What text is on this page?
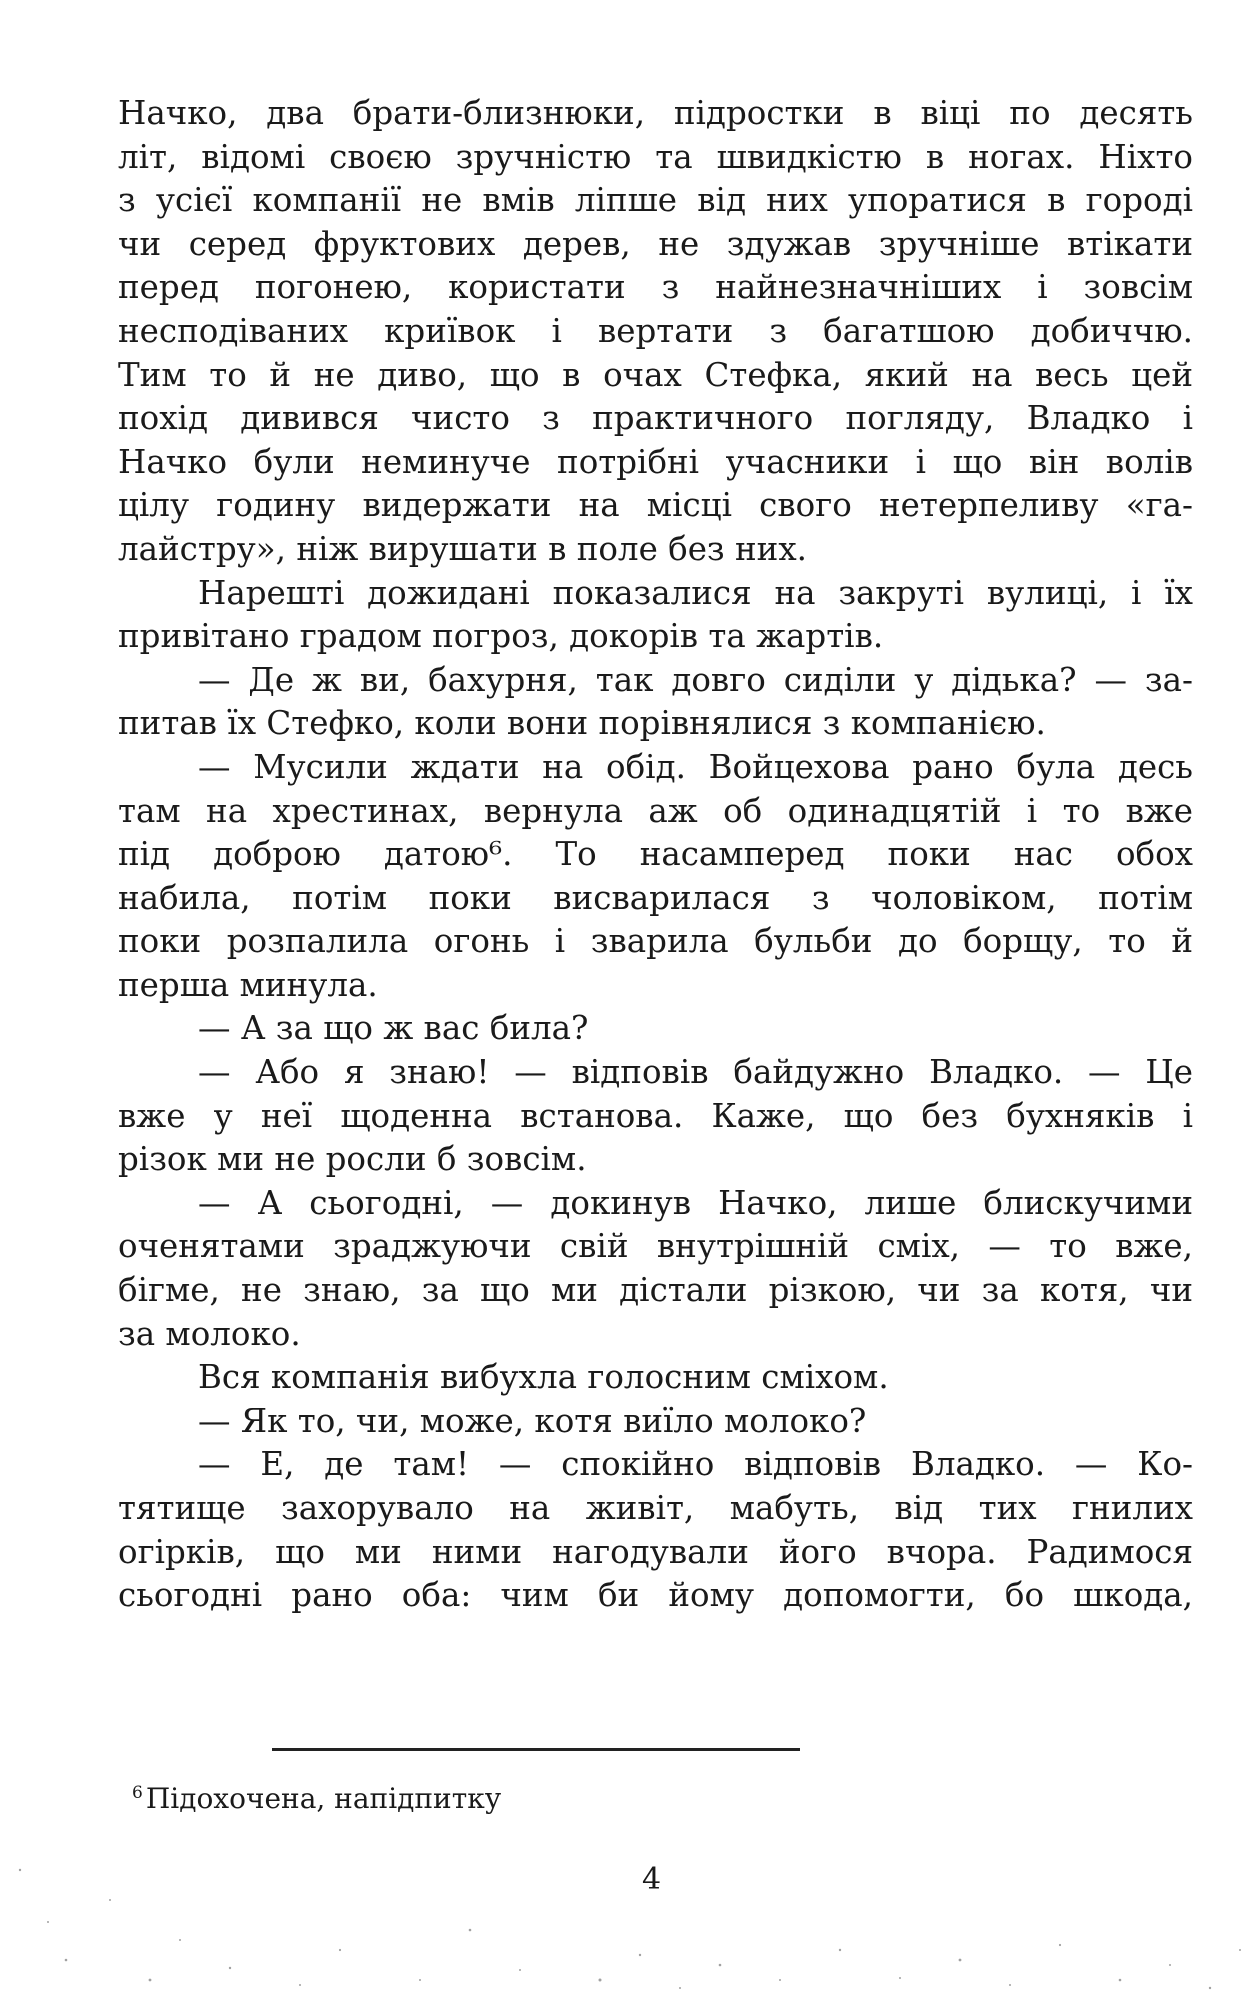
Начко, два брати-близнюки, підростки в віці по десять
літ, відомі своєю зручністю та швидкістю в ногах. Ніхто
з усієї компанії не вмів ліпше від них упоратися в городі
чи серед фруктових дерев, не здужав зручніше втікати
перед погонею, користати з найнезначніших і зовсім
несподіваних криївок і вертати з багатшою добиччю.
Тим то й не диво, що в очах Стефка, який на весь цей
похід дивився чисто з практичного погляду, Владко і
Начко були неминуче потрібні учасники і що він волів
цілу годину видержати на місці свого нетерпеливу «га-
лайстру», ніж вирушати в поле без них.
Нарешті дожидані показалися на закруті вулиці, і їх
привітано градом погроз, докорів та жартів.
— Де ж ви, бахурня, так довго сиділи у дідька? — за-
питав їх Стефко, коли вони порівнялися з компанією.
— Мусили ждати на обід. Войцехова рано була десь
там на хрестинах, вернула аж об одинадцятій і то вже
під доброю датою⁶. То насамперед поки нас обох
набила, потім поки висварилася з чоловіком, потім
поки розпалила огонь і зварила бульби до борщу, то й
перша минула.
— А за що ж вас била?
— Або я знаю! — відповів байдужно Владко. — Це
вже у неї щоденна встанова. Каже, що без бухняків і
різок ми не росли б зовсім.
— А сьогодні, — докинув Начко, лише блискучими
оченятами зраджуючи свій внутрішній сміх, — то вже,
бігме, не знаю, за що ми дістали різкою, чи за котя, чи
за молоко.
Вся компанія вибухла голосним сміхом.
— Як то, чи, може, котя виїло молоко?
— Е, де там! — спокійно відповів Владко. — Ко-
тятище захорувало на живіт, мабуть, від тих гнилих
огірків, що ми ними нагодували його вчора. Радимося
сьогодні рано оба: чим би йому допомогти, бо шкода,
$^6$ Підохочена, напідпитку
4
